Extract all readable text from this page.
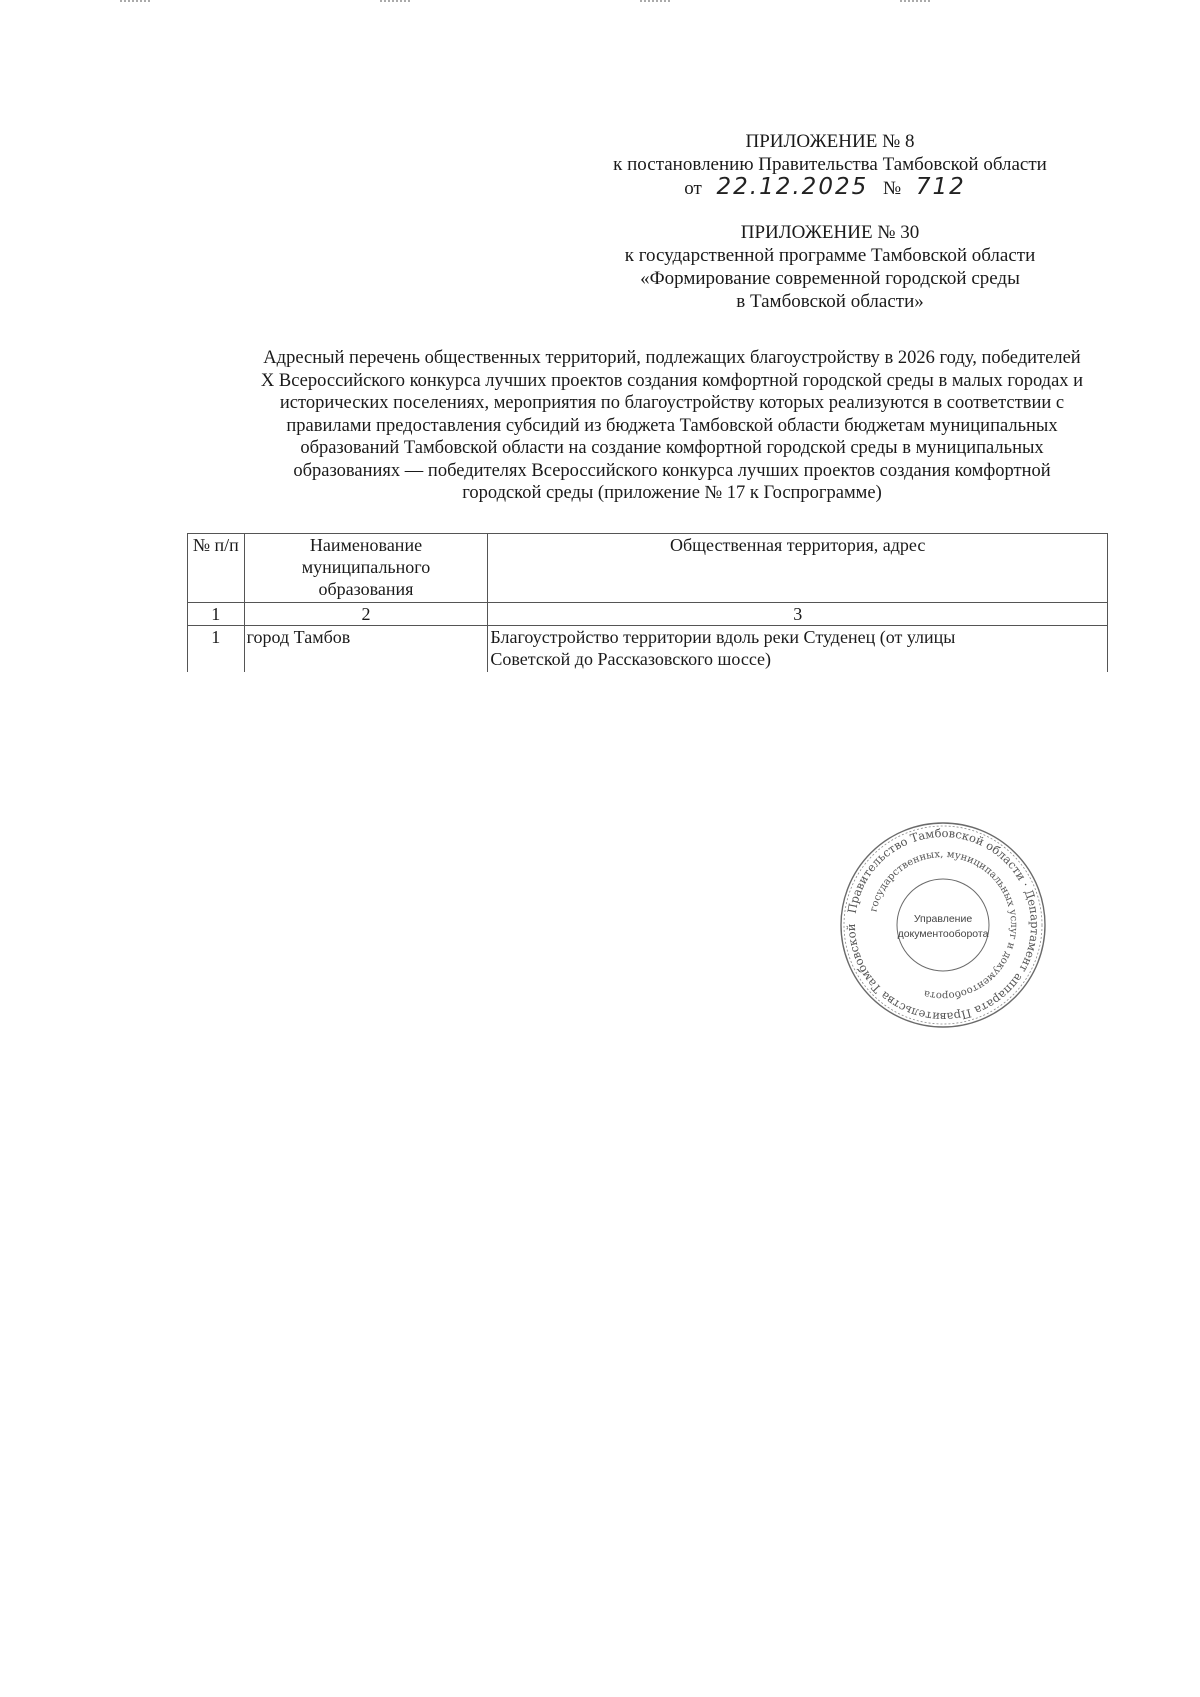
ПРИЛОЖЕНИЕ № 8
к постановлению Правительства Тамбовской области
от 22.12.2025 № 712
ПРИЛОЖЕНИЕ № 30
к государственной программе Тамбовской области
«Формирование современной городской среды
в Тамбовской области»
Адресный перечень общественных территорий, подлежащих благоустройству в 2026 году, победителей
X Всероссийского конкурса лучших проектов создания комфортной городской среды в малых городах и
исторических поселениях, мероприятия по благоустройству которых реализуются в соответствии с
правилами предоставления субсидий из бюджета Тамбовской области бюджетам муниципальных
образований Тамбовской области на создание комфортной городской среды в муниципальных
образованиях — победителях Всероссийского конкурса лучших проектов создания комфортной
городской среды (приложение № 17 к Госпрограмме)
№ п/п	Наименование
муниципального
образования	Общественная территория, адрес
1	2	3
1	город Тамбов	Благоустройство территории вдоль реки Студенец (от улицы
Советской до Рассказовского шоссе)
Правительство Тамбовской области · Департамент аппарата Правительства Тамбовской
государственных, муниципальных услуг и документооборота
Управление
документооборота
